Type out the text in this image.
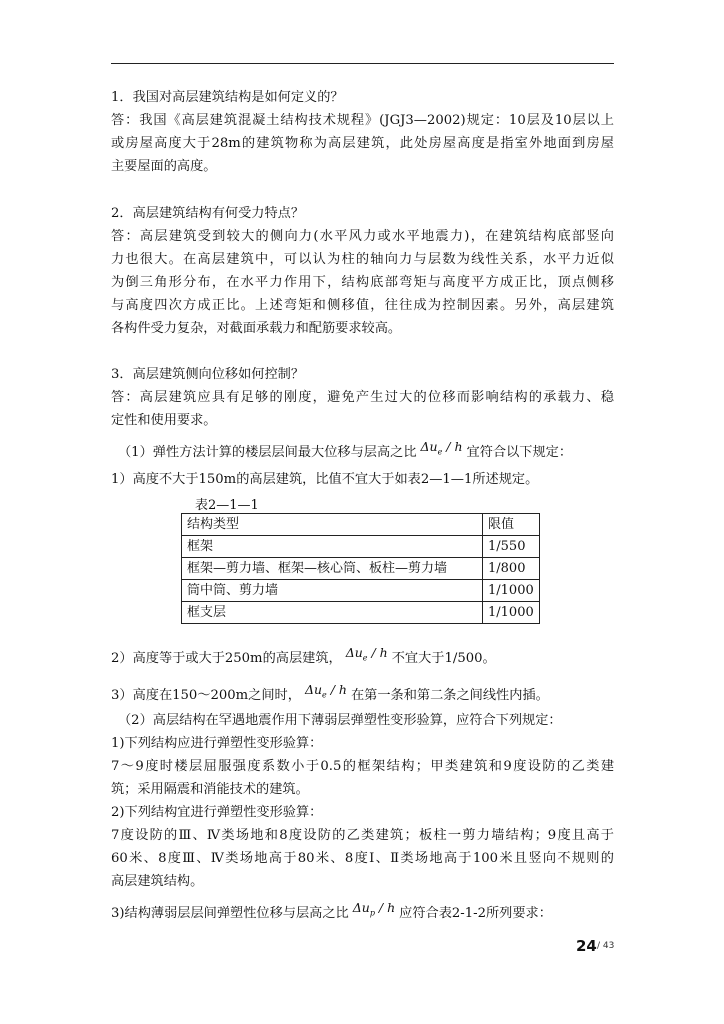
1．我国对高层建筑结构是如何定义的？
答：我国《高层建筑混凝土结构技术规程》(JGJ3—2002)规定：10层及10层以上
或房屋高度大于28m的建筑物称为高层建筑，此处房屋高度是指室外地面到房屋
主要屋面的高度。
2．高层建筑结构有何受力特点？
答：高层建筑受到较大的侧向力(水平风力或水平地震力)，在建筑结构底部竖向
力也很大。在高层建筑中，可以认为柱的轴向力与层数为线性关系，水平力近似
为倒三角形分布，在水平力作用下，结构底部弯矩与高度平方成正比，顶点侧移
与高度四次方成正比。上述弯矩和侧移值，往往成为控制因素。另外，高层建筑
各构件受力复杂，对截面承载力和配筋要求较高。
3．高层建筑侧向位移如何控制？
答：高层建筑应具有足够的刚度，避免产生过大的位移而影响结构的承载力、稳
定性和使用要求。
（1）弹性方法计算的楼层层间最大位移与层高之比 $\Delta u_e$ / h 宜符合以下规定：
1）高度不大于150m的高层建筑，比值不宜大于如表2—1—1所述规定。
表2—1—1
结构类型	限值
框架	1/550
框架—剪力墙、框架—核心筒、板柱—剪力墙	1/800
筒中筒、剪力墙	1/1000
框支层	1/1000
2）高度等于或大于250m的高层建筑， $\Delta u_e$ / h 不宜大于1/500。
3）高度在150～200m之间时， $\Delta u_e$ / h 在第一条和第二条之间线性内插。
（2）高层结构在罕遇地震作用下薄弱层弹塑性变形验算，应符合下列规定：
1)下列结构应进行弹塑性变形验算：
7～9度时楼层屈服强度系数小于0.5的框架结构；甲类建筑和9度设防的乙类建
筑；采用隔震和消能技术的建筑。
2)下列结构宜进行弹塑性变形验算：
7度设防的Ⅲ、Ⅳ类场地和8度设防的乙类建筑；板柱一剪力墙结构；9度且高于
60米、8度Ⅲ、Ⅳ类场地高于80米、8度Ⅰ、Ⅱ类场地高于100米且竖向不规则的
高层建筑结构。
3)结构薄弱层层间弹塑性位移与层高之比 $\Delta u_p$ / h 应符合表2-1-2所列要求：
24 / 43
